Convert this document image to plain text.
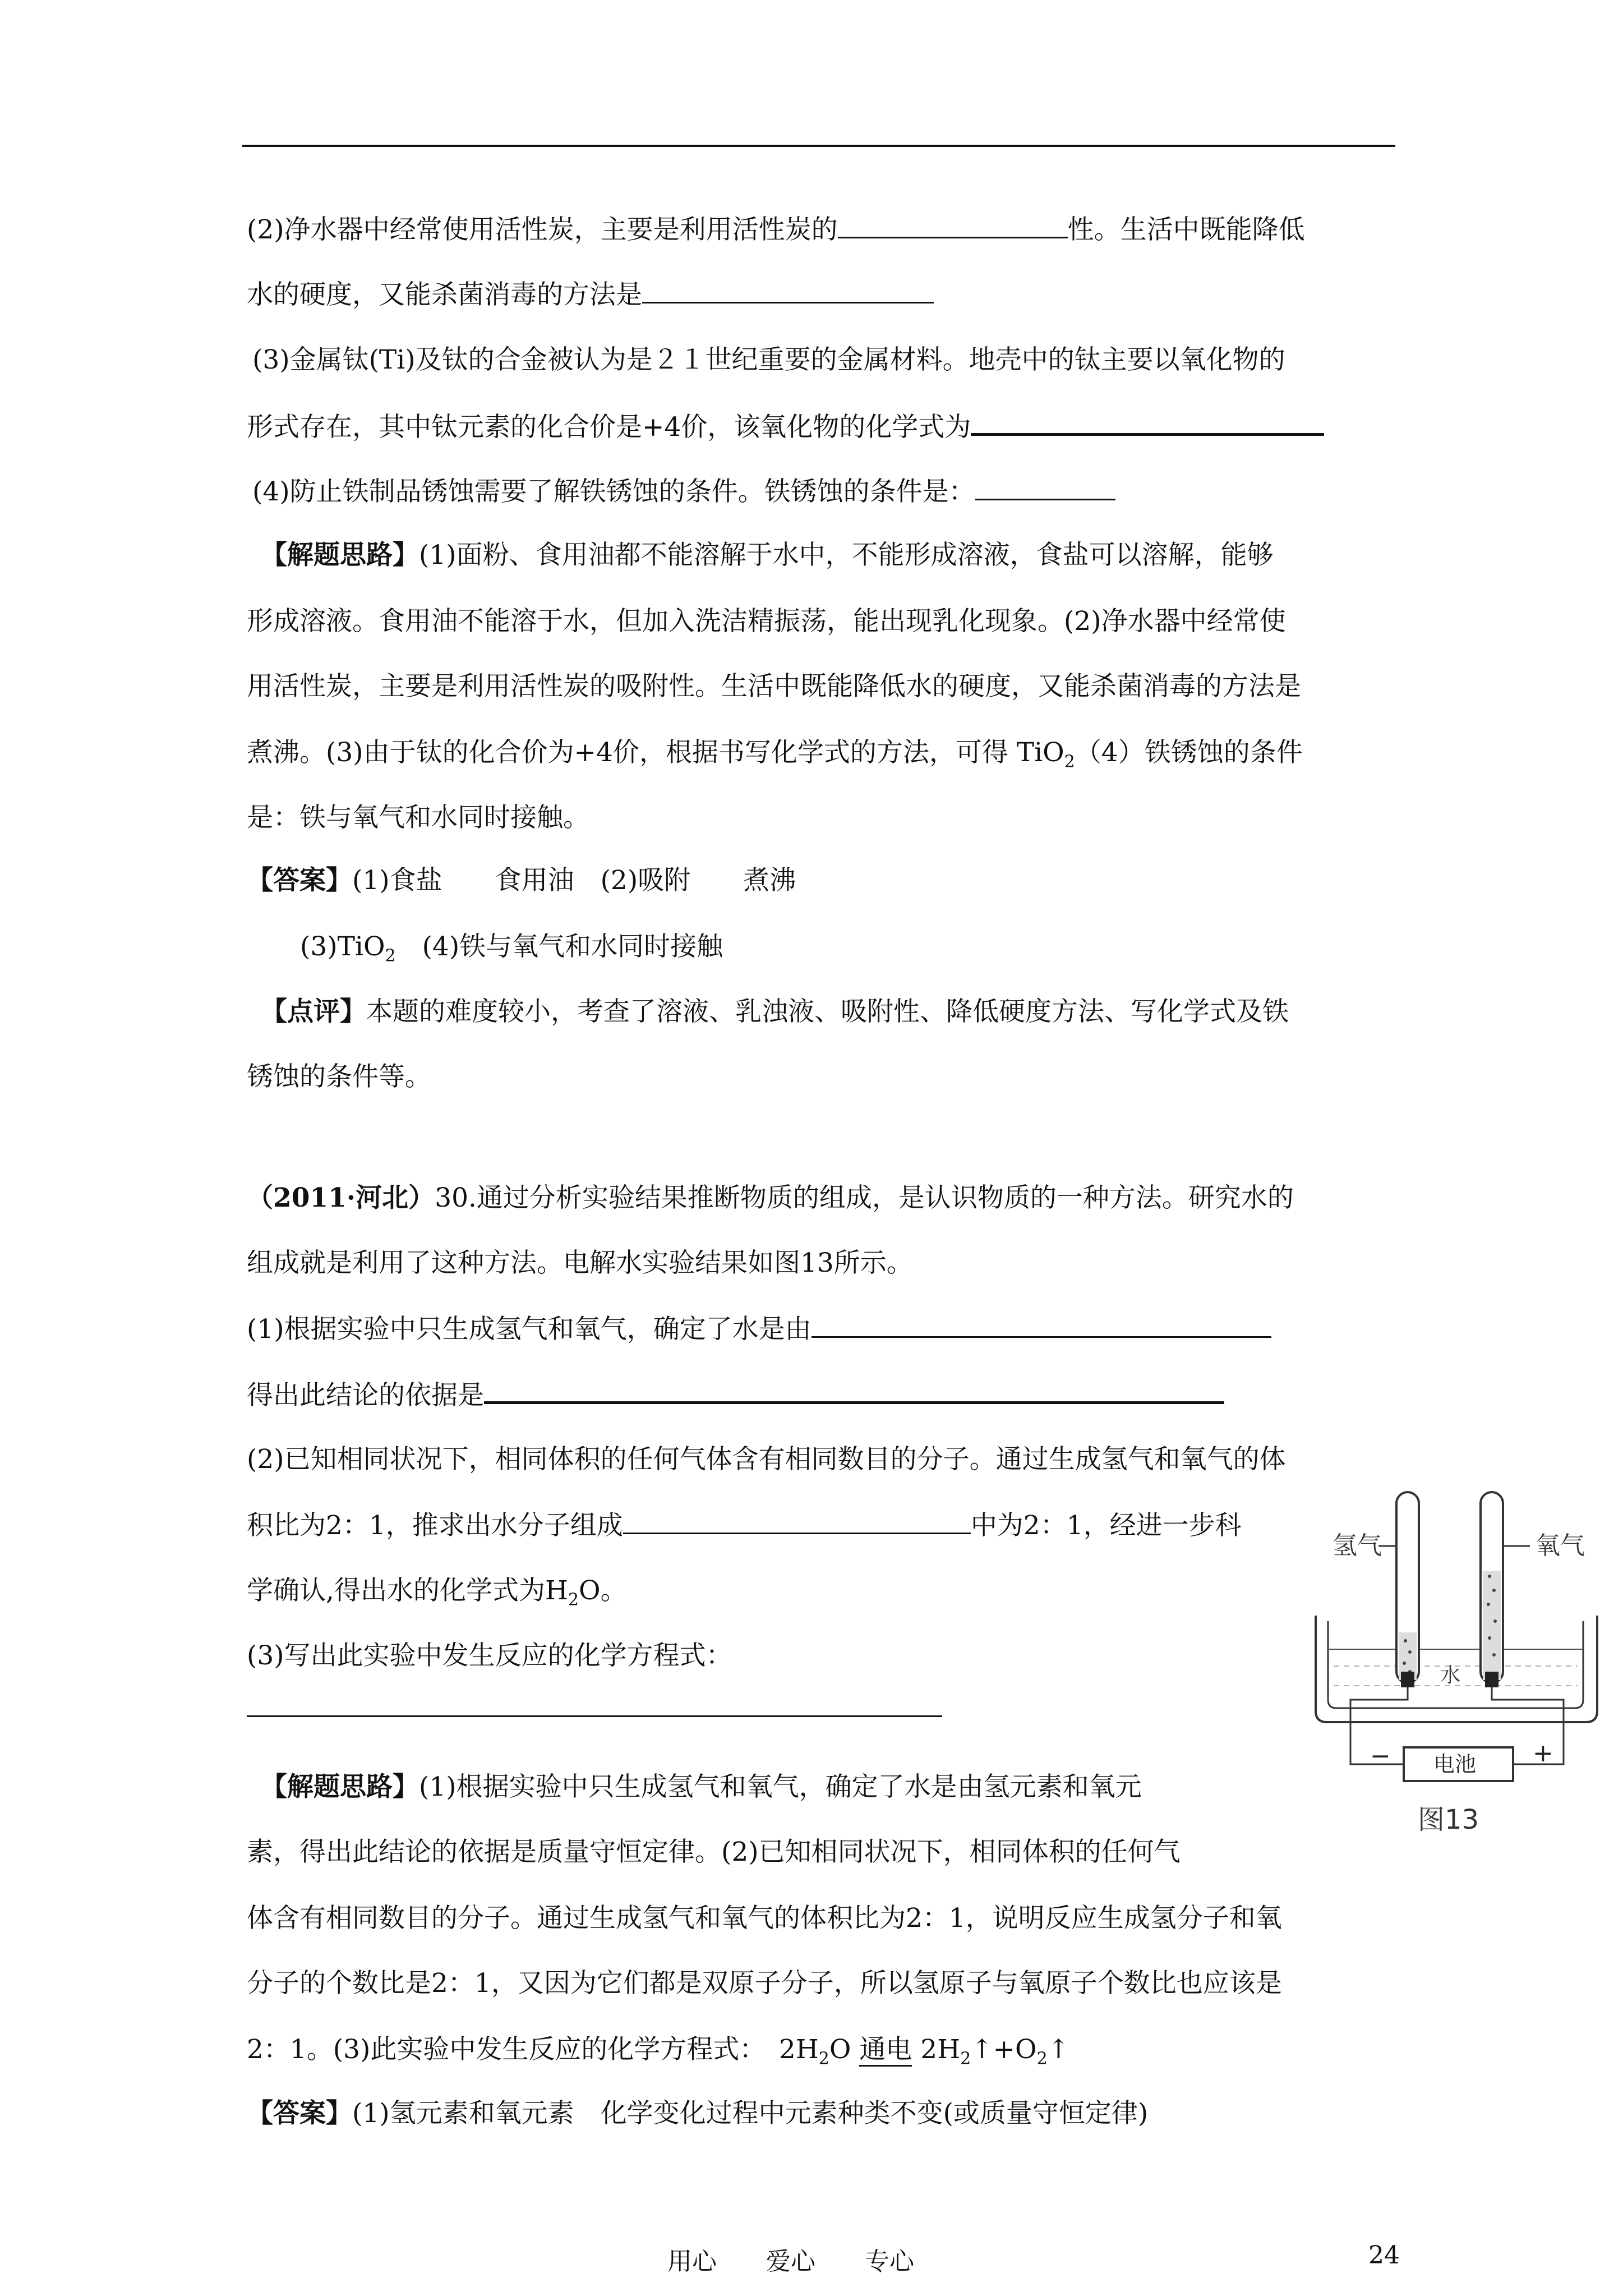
(2)净水器中经常使用活性炭，主要是利用活性炭的	性。生活中既能降低
水的硬度，又能杀菌消毒的方法是
(3)金属钛(Ti)及钛的合金被认为是２１世纪重要的金属材料。地壳中的钛主要以氧化物的
形式存在，其中钛元素的化合价是+4价，该氧化物的化学式为
(4)防止铁制品锈蚀需要了解铁锈蚀的条件。铁锈蚀的条件是：
【解题思路】(1)面粉、食用油都不能溶解于水中，不能形成溶液，食盐可以溶解，能够
形成溶液。食用油不能溶于水，但加入洗洁精振荡，能出现乳化现象。(2)净水器中经常使
用活性炭，主要是利用活性炭的吸附性。生活中既能降低水的硬度，又能杀菌消毒的方法是
煮沸。(3)由于钛的化合价为+4价，根据书写化学式的方法，可得 TiO$_2$（4）铁锈蚀的条件
是：铁与氧气和水同时接触。
【答案】(1)食盐　　食用油　(2)吸附　　煮沸
(3)TiO$_2$　(4)铁与氧气和水同时接触
【点评】本题的难度较小，考查了溶液、乳浊液、吸附性、降低硬度方法、写化学式及铁
锈蚀的条件等。
（2011·河北）30.通过分析实验结果推断物质的组成，是认识物质的一种方法。研究水的
组成就是利用了这种方法。电解水实验结果如图13所示。
(1)根据实验中只生成氢气和氧气，确定了水是由
得出此结论的依据是
(2)已知相同状况下，相同体积的任何气体含有相同数目的分子。通过生成氢气和氧气的体
积比为2：1，推求出水分子组成	中为2：1，经进一步科
学确认,得出水的化学式为$H_2O$。
(3)写出此实验中发生反应的化学方程式：
【解题思路】(1)根据实验中只生成氢气和氧气，确定了水是由氢元素和氧元
素，得出此结论的依据是质量守恒定律。(2)已知相同状况下，相同体积的任何气
体含有相同数目的分子。通过生成氢气和氧气的体积比为2：1，说明反应生成氢分子和氧
分子的个数比是2：1，又因为它们都是双原子分子，所以氢原子与氧原子个数比也应该是
2：1。(3)此实验中发生反应的化学方程式：　$2H_2O$ 通电 $2H_2↑+O_2↑$
【答案】(1)氢元素和氧元素　化学变化过程中元素种类不变(或质量守恒定律)
氢气	氧气
水
电池
−	+
图13
用心　　爱心　　专心	24
